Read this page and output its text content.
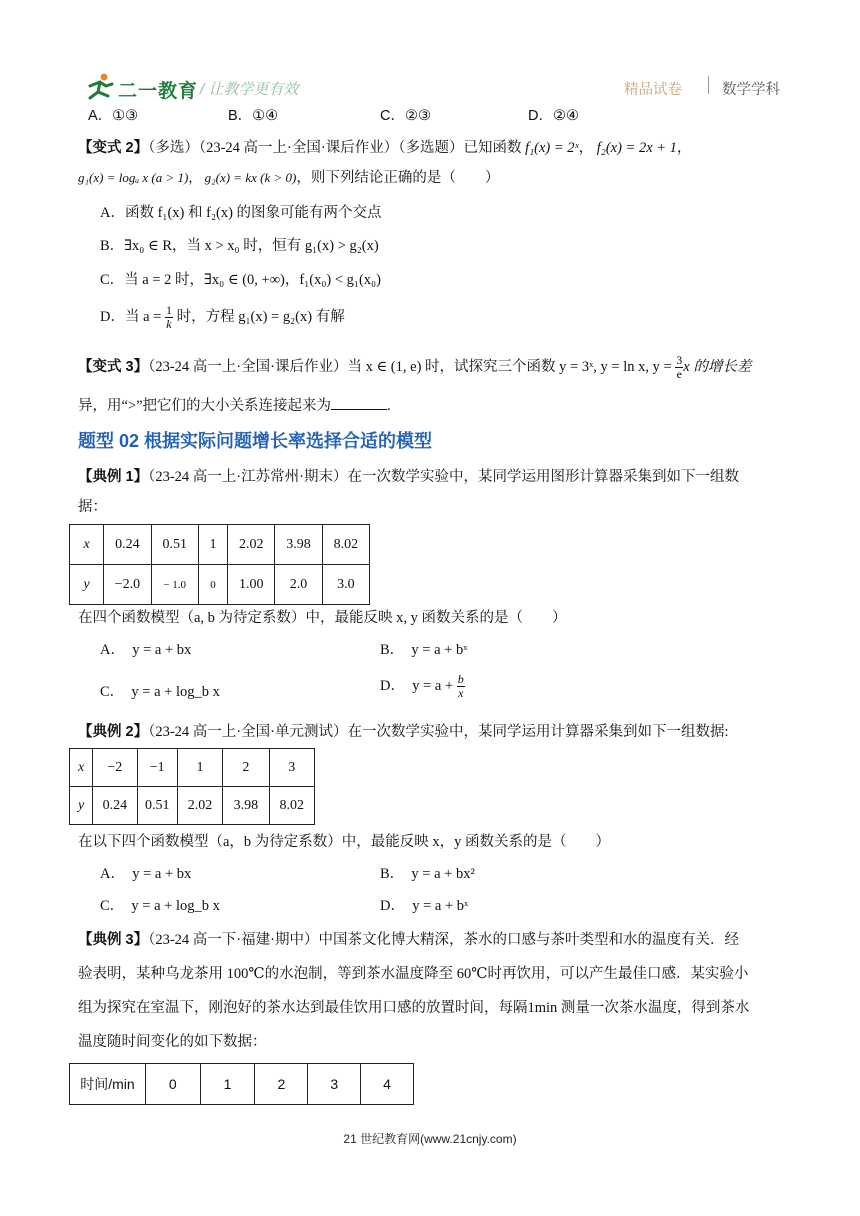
二一教育 / 让教学更有效	精品试卷	数学学科
A．①③	B．①④	C．②③	D．②④
【变式 2】（多选）（23-24 高一上·全国·课后作业）（多选题）已知函数 f₁(x) = 2ˣ， f₂(x) = 2x + 1，
g₁(x) = logₐ x (a > 1)， g₂(x) = kx (k > 0)，则下列结论正确的是（　　）
A．函数 f₁(x) 和 f₂(x) 的图象可能有两个交点
B．∃x₀ ∈ R，当 x > x₀ 时，恒有 g₁(x) > g₂(x)
C．当 a = 2 时，∃x₀ ∈ (0, +∞)，f₁(x₀) < g₁(x₀)
D．当 $a = \frac{1}{k}$ 时，方程 g₁(x) = g₂(x) 有解
【变式 3】（23-24 高一上·全国·课后作业）当 x ∈ (1, e) 时，试探究三个函数 y = 3ˣ, y = ln x, $y = \frac{3}{e}$ x 的增长差
异，用“>”把它们的大小关系连接起来为	.
题型 02 根据实际问题增长率选择合适的模型
【典例 1】（23-24 高一上·江苏常州·期末）在一次数学实验中，某同学运用图形计算器采集到如下一组数
据：
x	0.24	0.51	1	2.02	3.98	8.02
y	−2.0	− 1.0	0	1.00	2.0	3.0
在四个函数模型（a, b 为待定系数）中，最能反映 x, y 函数关系的是（　　）
A．　y = a + bx	B．　y = a + bˣ
C．　y = a + log_b x	D．　$y = a + \frac{b}{x}$
【典例 2】（23-24 高一上·全国·单元测试）在一次数学实验中，某同学运用计算器采集到如下一组数据:
x	−2	−1	1	2	3
y	0.24	0.51	2.02	3.98	8.02
在以下四个函数模型（a，b 为待定系数）中，最能反映 x，y 函数关系的是（　　）
A．　y = a + bx	B．　y = a + bx²
C．　y = a + log_b x	D．　y = a + bˣ
【典例 3】（23-24 高一下·福建·期中）中国茶文化博大精深，茶水的口感与茶叶类型和水的温度有关．经
验表明，某种乌龙茶用 100℃的水泡制，等到茶水温度降至 60℃时再饮用，可以产生最佳口感．某实验小
组为探究在室温下，刚泡好的茶水达到最佳饮用口感的放置时间，每隔1min 测量一次茶水温度，得到茶水
温度随时间变化的如下数据：
时间/min	0	1	2	3	4
21 世纪教育网(www.21cnjy.com)
